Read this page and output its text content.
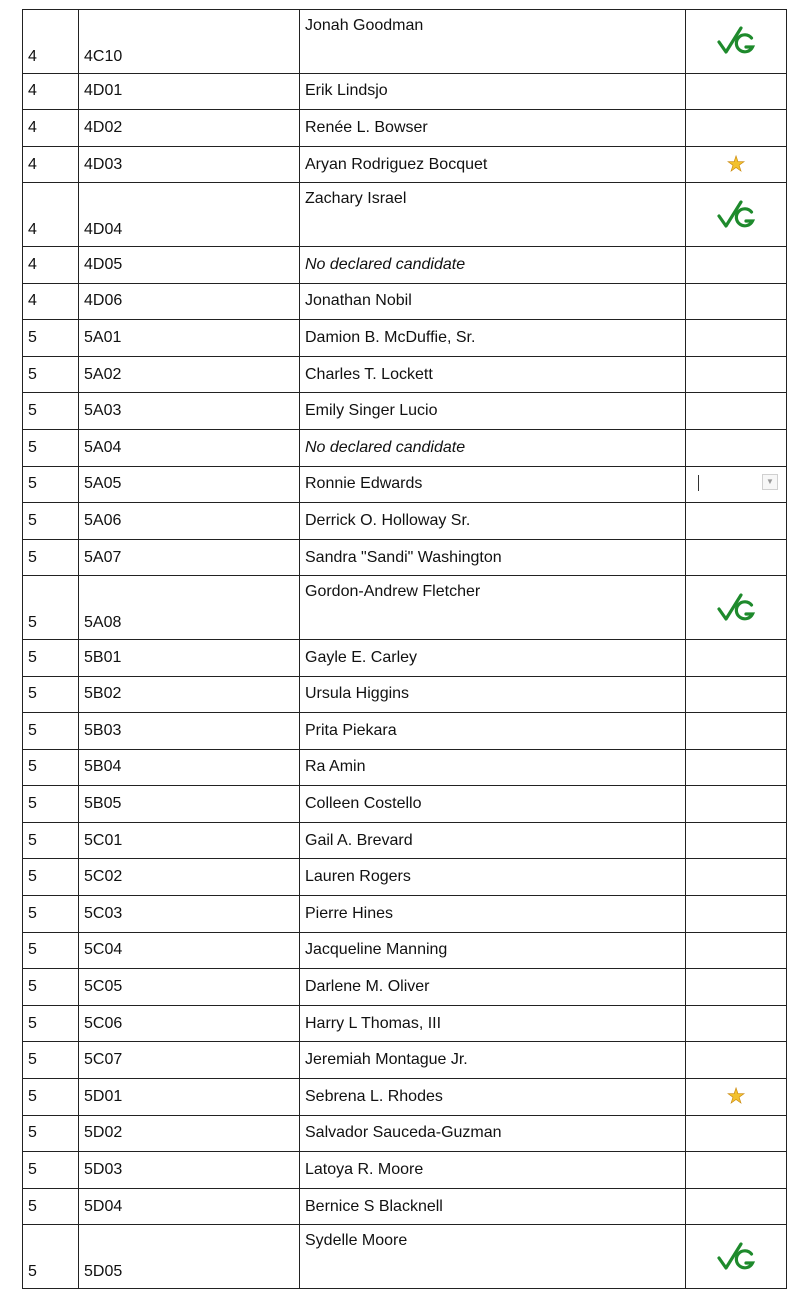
4	4C10	Jonah Goodman	
4	4D01	Erik Lindsjo	
4	4D02	Renée L. Bowser	
4	4D03	Aryan Rodriguez Bocquet	★
4	4D04	Zachary Israel	
4	4D05	No declared candidate	
4	4D06	Jonathan Nobil	
5	5A01	Damion B. McDuffie, Sr.	
5	5A02	Charles T. Lockett	
5	5A03	Emily Singer Lucio	
5	5A04	No declared candidate	
5	5A05	Ronnie Edwards	▼

5	5A06	Derrick O. Holloway Sr.	
5	5A07	Sandra "Sandi" Washington	
5	5A08	Gordon-Andrew Fletcher	
5	5B01	Gayle E. Carley	
5	5B02	Ursula Higgins	
5	5B03	Prita Piekara	
5	5B04	Ra Amin	
5	5B05	Colleen Costello	
5	5C01	Gail A. Brevard	
5	5C02	Lauren Rogers	
5	5C03	Pierre Hines	
5	5C04	Jacqueline Manning	
5	5C05	Darlene M. Oliver	
5	5C06	Harry L Thomas, III	
5	5C07	Jeremiah Montague Jr.	
5	5D01	Sebrena L. Rhodes	★
5	5D02	Salvador Sauceda-Guzman	
5	5D03	Latoya R. Moore	
5	5D04	Bernice S Blacknell	
5	5D05	Sydelle Moore	
